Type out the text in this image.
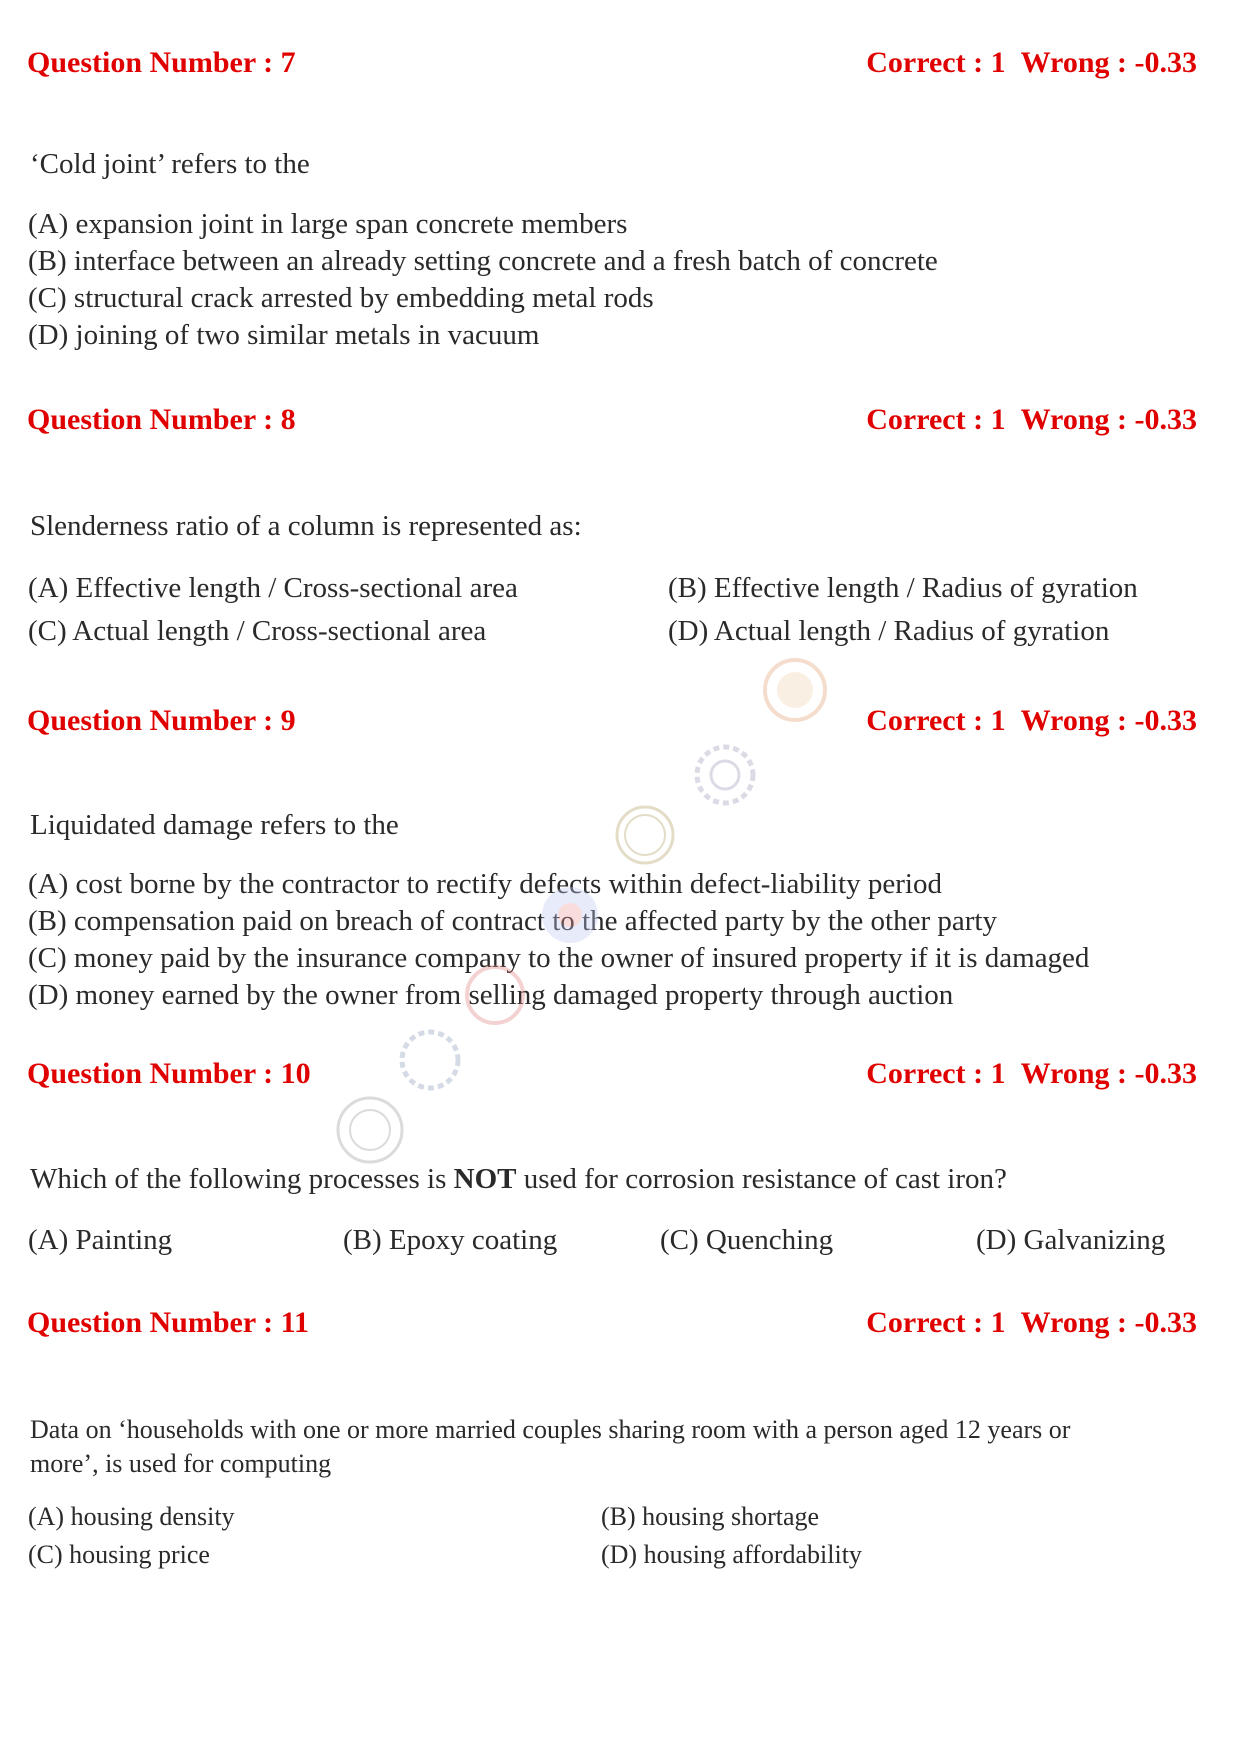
Question Number : 7	Correct : 1 Wrong : -0.33
‘Cold joint’ refers to the
(A) expansion joint in large span concrete members
(B) interface between an already setting concrete and a fresh batch of concrete
(C) structural crack arrested by embedding metal rods
(D) joining of two similar metals in vacuum
Question Number : 8	Correct : 1 Wrong : -0.33
Slenderness ratio of a column is represented as:
(A) Effective length / Cross-sectional area	(B) Effective length / Radius of gyration
(C) Actual length / Cross-sectional area	(D) Actual length / Radius of gyration
Question Number : 9	Correct : 1 Wrong : -0.33
Liquidated damage refers to the
(A) cost borne by the contractor to rectify defects within defect-liability period
(B) compensation paid on breach of contract to the affected party by the other party
(C) money paid by the insurance company to the owner of insured property if it is damaged
(D) money earned by the owner from selling damaged property through auction
Question Number : 10	Correct : 1 Wrong : -0.33
Which of the following processes is NOT used for corrosion resistance of cast iron?
(A) Painting	(B) Epoxy coating	(C) Quenching	(D) Galvanizing
Question Number : 11	Correct : 1 Wrong : -0.33
Data on ‘households with one or more married couples sharing room with a person aged 12 years or
more’, is used for computing
(A) housing density	(B) housing shortage
(C) housing price	(D) housing affordability
